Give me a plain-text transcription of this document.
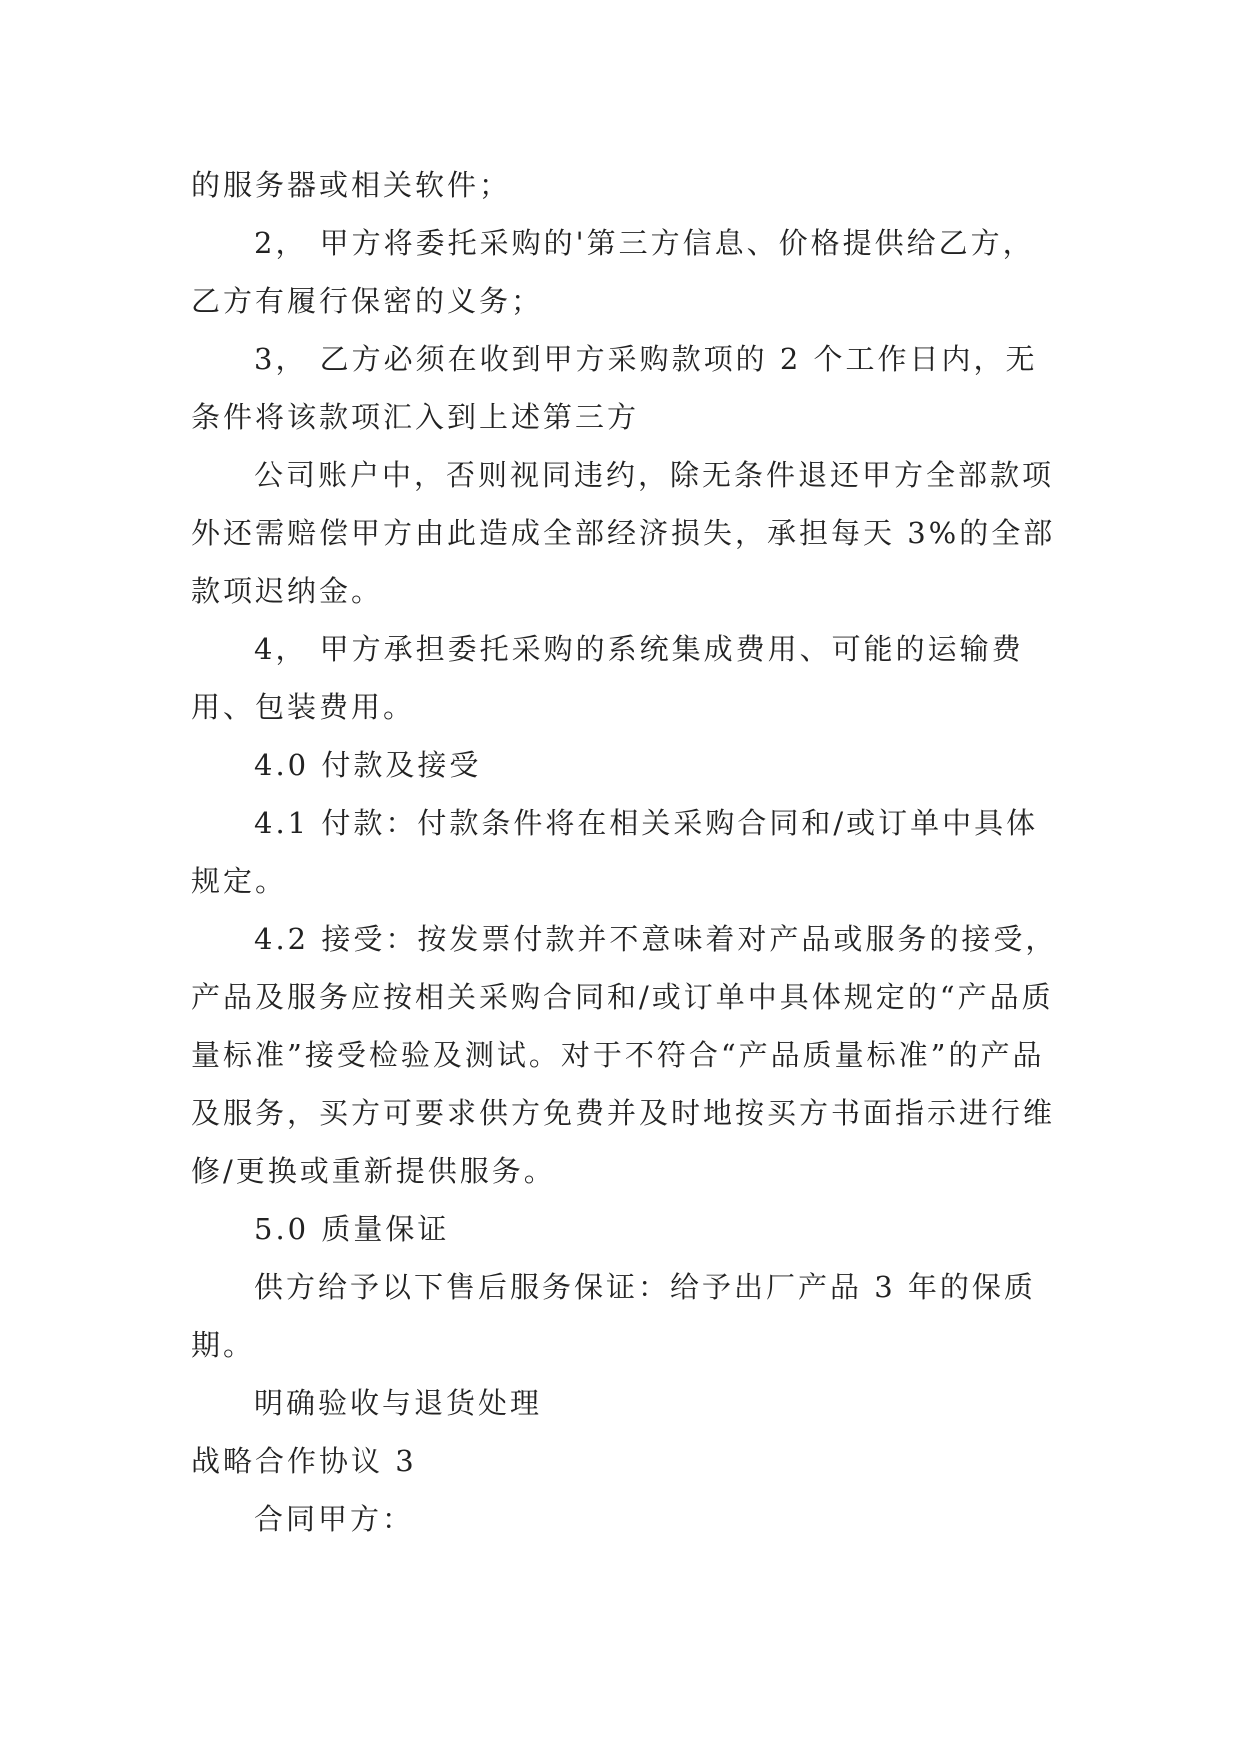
的服务器或相关软件；

2， 甲方将委托采购的'第三方信息、价格提供给乙方，乙方有履行保密的义务；

3， 乙方必须在收到甲方采购款项的 2 个工作日内，无条件将该款项汇入到上述第三方

公司账户中，否则视同违约，除无条件退还甲方全部款项外还需赔偿甲方由此造成全部经济损失，承担每天 3%的全部款项迟纳金。

4， 甲方承担委托采购的系统集成费用、可能的运输费用、包装费用。

4.0 付款及接受

4.1 付款：付款条件将在相关采购合同和/或订单中具体规定。

4.2 接受：按发票付款并不意味着对产品或服务的接受，产品及服务应按相关采购合同和/或订单中具体规定的“产品质量标准”接受检验及测试。对于不符合“产品质量标准”的产品及服务，买方可要求供方免费并及时地按买方书面指示进行维修/更换或重新提供服务。

5.0 质量保证

供方给予以下售后服务保证：给予出厂产品 3 年的保质期。

明确验收与退货处理

战略合作协议 3

合同甲方：
